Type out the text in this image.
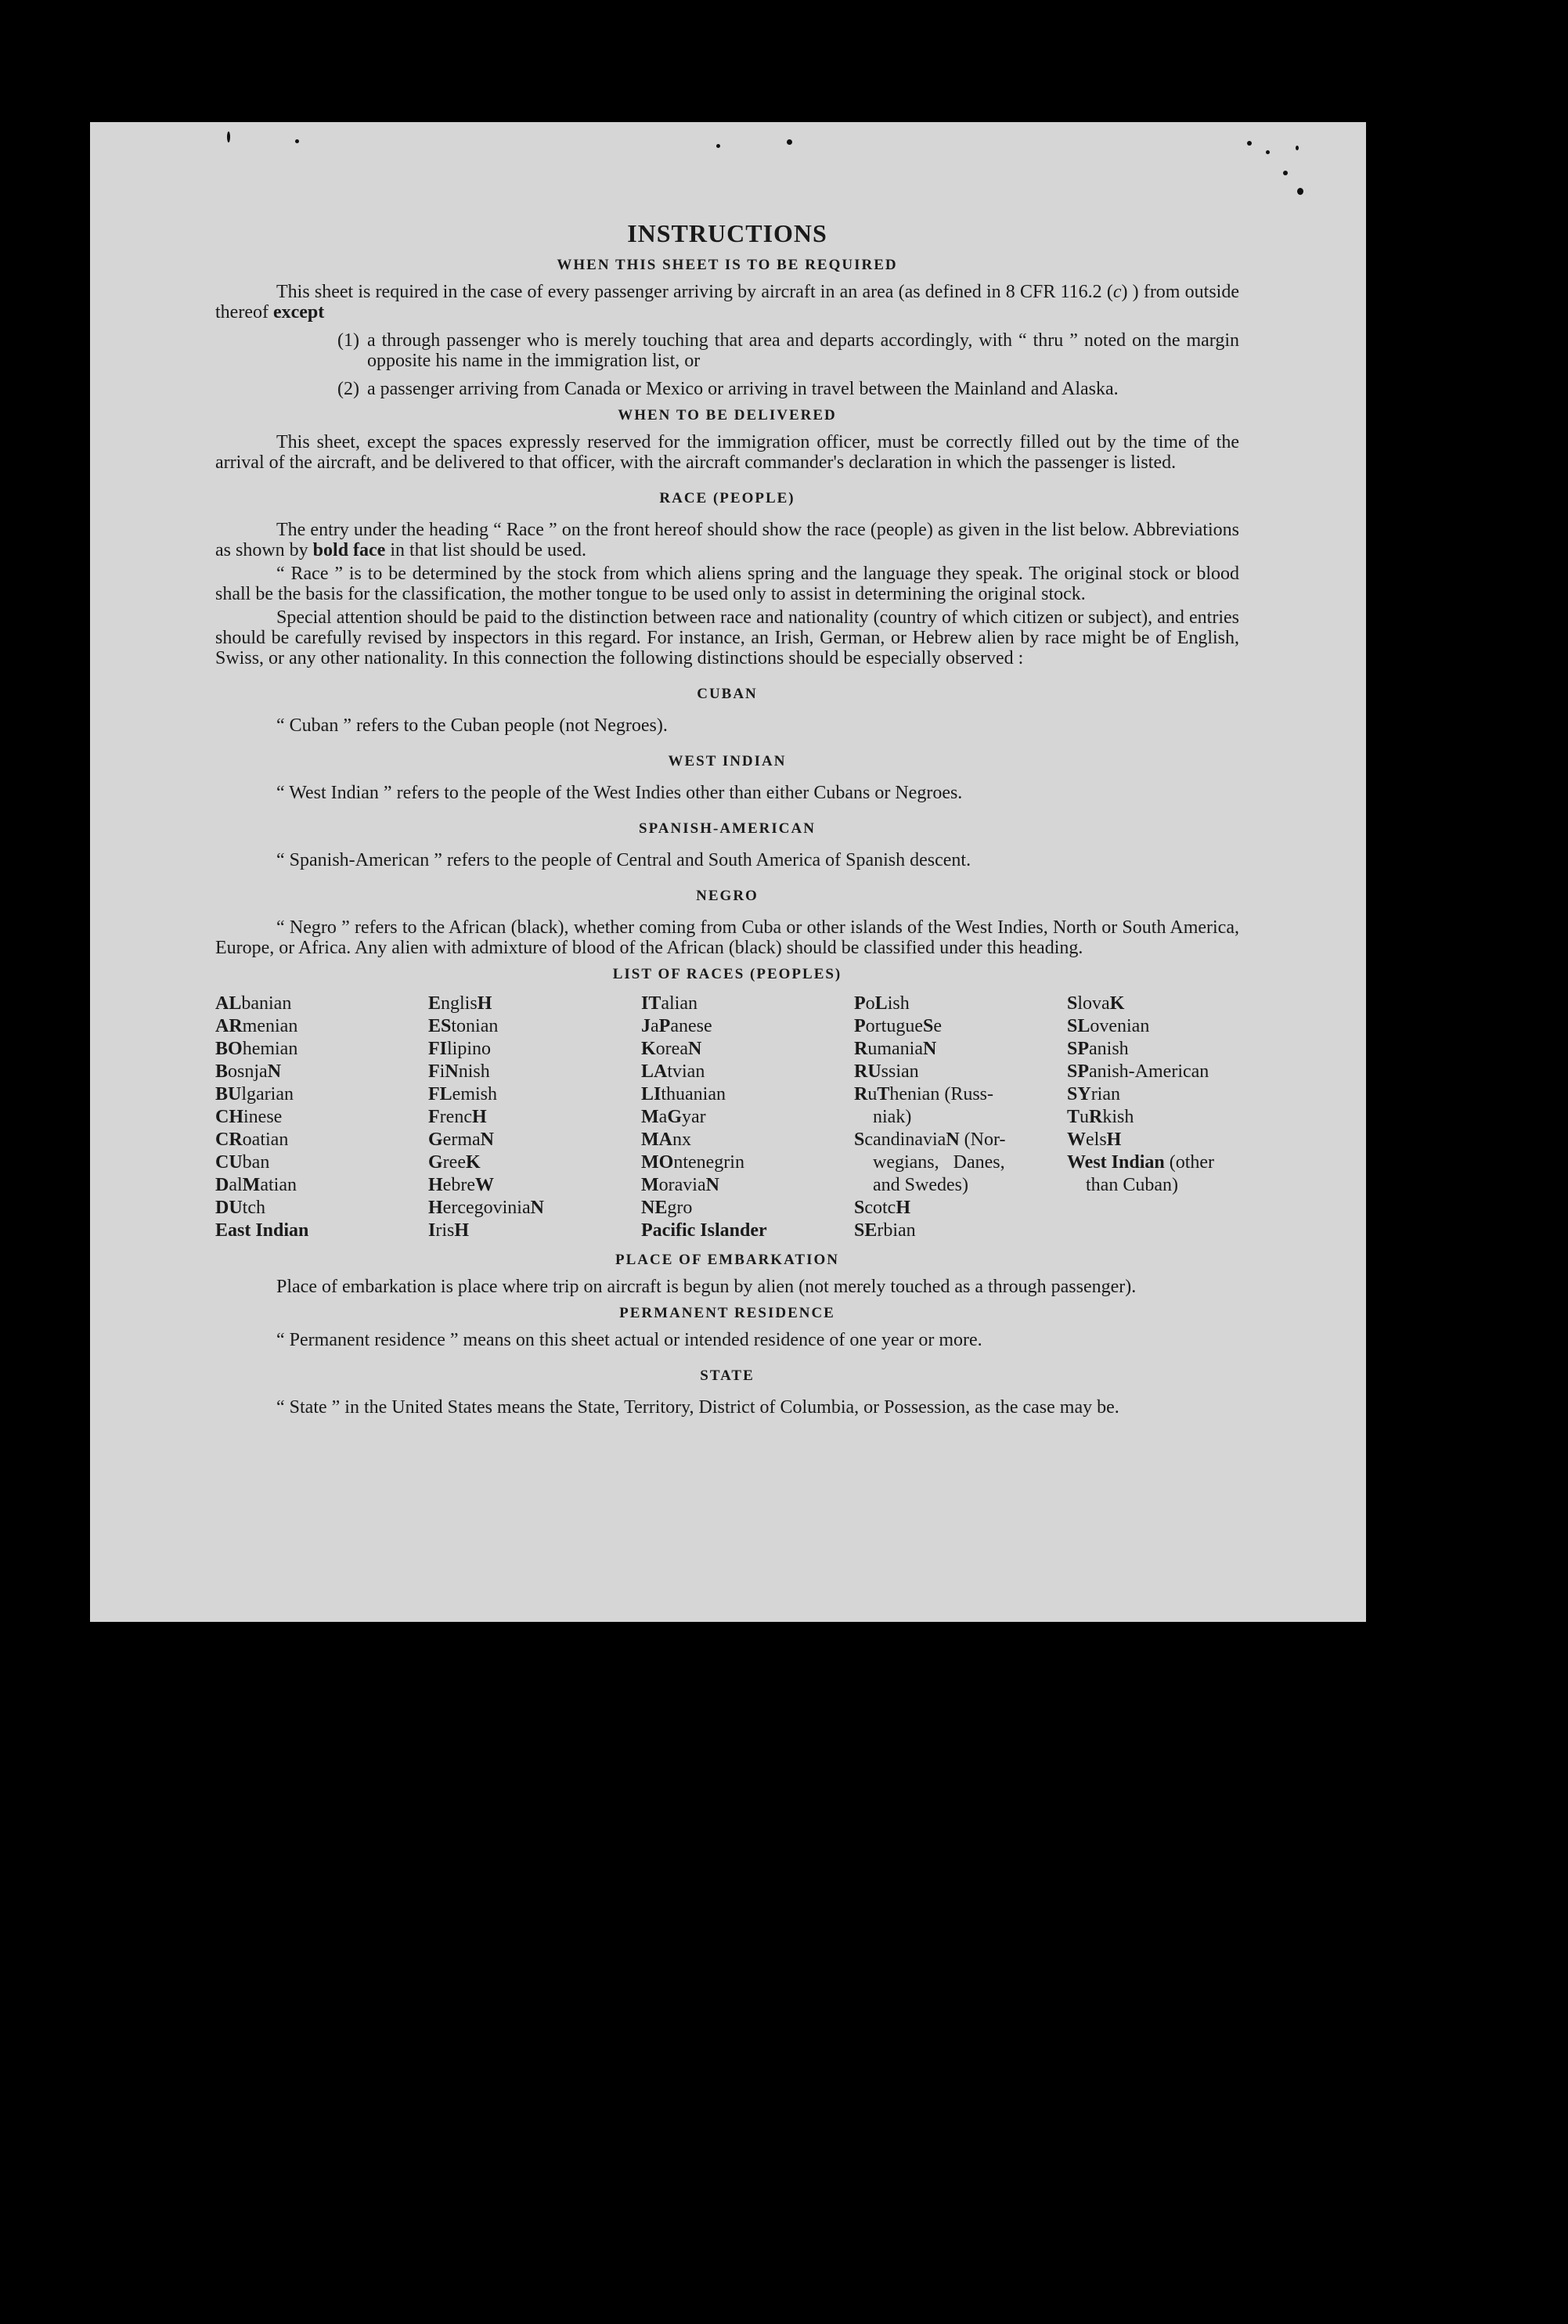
INSTRUCTIONS
WHEN THIS SHEET IS TO BE REQUIRED

This sheet is required in the case of every passenger arriving by aircraft in an area (as defined in 8 CFR 116.2 (c) ) from outside thereof except

(1) a through passenger who is merely touching that area and departs accordingly, with “ thru ” noted on the margin opposite his name in the immigration list, or
(2) a passenger arriving from Canada or Mexico or arriving in travel between the Mainland and Alaska.
WHEN TO BE DELIVERED

This sheet, except the spaces expressly reserved for the immigration officer, must be correctly filled out by the time of the arrival of the aircraft, and be delivered to that officer, with the aircraft commander's declaration in which the passenger is listed.

RACE (PEOPLE)

The entry under the heading “ Race ” on the front hereof should show the race (people) as given in the list below. Abbreviations as shown by bold face in that list should be used.

“ Race ” is to be determined by the stock from which aliens spring and the language they speak. The original stock or blood shall be the basis for the classification, the mother tongue to be used only to assist in determining the original stock.

Special attention should be paid to the distinction between race and nationality (country of which citizen or subject), and entries should be carefully revised by inspectors in this regard. For instance, an Irish, German, or Hebrew alien by race might be of English, Swiss, or any other nationality. In this connection the following distinctions should be especially observed :

CUBAN

“ Cuban ” refers to the Cuban people (not Negroes).

WEST INDIAN

“ West Indian ” refers to the people of the West Indies other than either Cubans or Negroes.

SPANISH-AMERICAN

“ Spanish-American ” refers to the people of Central and South America of Spanish descent.

NEGRO

“ Negro ” refers to the African (black), whether coming from Cuba or other islands of the West Indies, North or South America, Europe, or Africa. Any alien with admixture of blood of the African (black) should be classified under this heading.

LIST OF RACES (PEOPLES)
ALbanian
ARmenian
BOhemian
BosnjaN
BUlgarian
CHinese
CRoatian
CUban
DalMatian
DUtch
East Indian
EnglisH
EStonian
FIlipino
FiNnish
FLemish
FrencH
GermaN
GreeK
HebreW
HercegoviniaN
IrisH
ITalian
JaPanese
KoreaN
LAtvian
LIthuanian
MaGyar
MAnx
MOntenegrin
MoraviaN
NEgro
Pacific Islander
PoLish
PortugueSe
RumaniaN
RUssian
RuThenian (Russ-
niak)
ScandinaviaN (Nor-
wegians,   Danes,
and Swedes)
ScotcH
SErbian
SlovaK
SLovenian
SPanish
SPanish-American
SYrian
TuRkish
WelsH
West Indian (other
than Cuban)
PLACE OF EMBARKATION

Place of embarkation is place where trip on aircraft is begun by alien (not merely touched as a through passenger).

PERMANENT RESIDENCE

“ Permanent residence ” means on this sheet actual or intended residence of one year or more.

STATE

“ State ” in the United States means the State, Territory, District of Columbia, or Possession, as the case may be.
